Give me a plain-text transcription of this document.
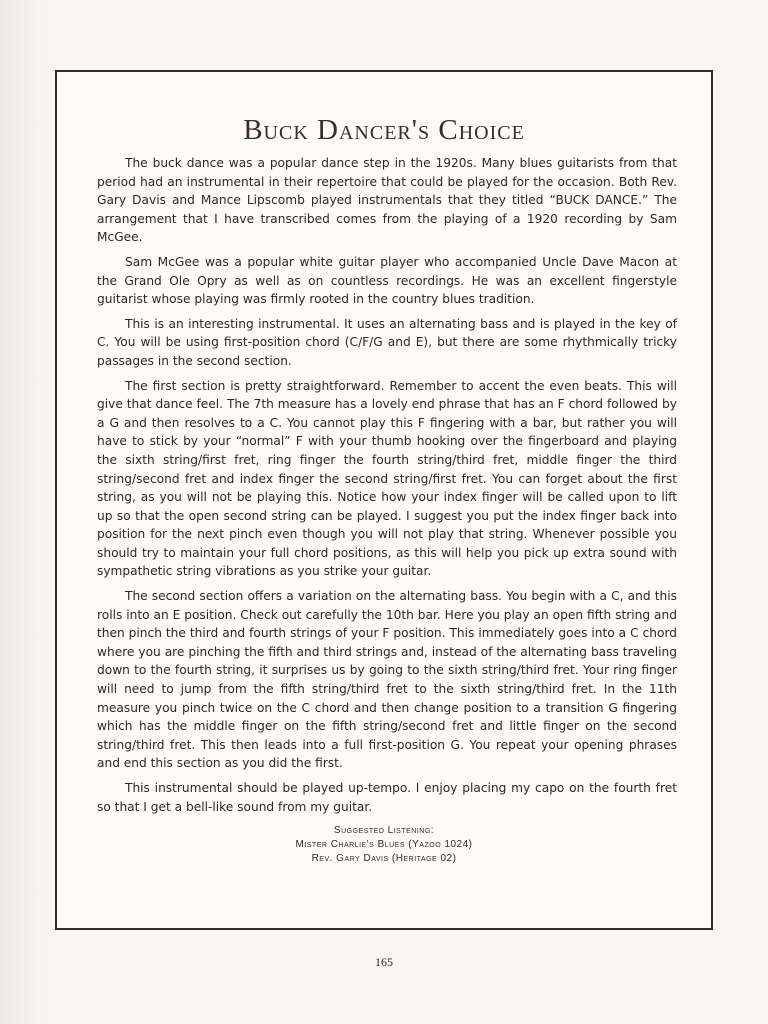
Buck Dancer's Choice

The buck dance was a popular dance step in the 1920s. Many blues guitarists from that period had an instrumental in their repertoire that could be played for the occasion. Both Rev. Gary Davis and Mance Lipscomb played instrumentals that they titled “BUCK DANCE.” The arrangement that I have transcribed comes from the playing of a 1920 recording by Sam McGee.

Sam McGee was a popular white guitar player who accompanied Uncle Dave Macon at the Grand Ole Opry as well as on countless recordings. He was an excellent fingerstyle guitarist whose playing was firmly rooted in the country blues tradition.

This is an interesting instrumental. It uses an alternating bass and is played in the key of C. You will be using first-position chord (C/F/G and E), but there are some rhythmically tricky passages in the second section.

The first section is pretty straightforward. Remember to accent the even beats. This will give that dance feel. The 7th measure has a lovely end phrase that has an F chord followed by a G and then resolves to a C. You cannot play this F fingering with a bar, but rather you will have to stick by your “normal” F with your thumb hooking over the fingerboard and playing the sixth string/first fret, ring finger the fourth string/third fret, middle finger the third string/second fret and index finger the second string/first fret. You can forget about the first string, as you will not be playing this. Notice how your index finger will be called upon to lift up so that the open second string can be played. I suggest you put the index finger back into position for the next pinch even though you will not play that string. Whenever possible you should try to maintain your full chord positions, as this will help you pick up extra sound with sympathetic string vibrations as you strike your guitar.

The second section offers a variation on the alternating bass. You begin with a C, and this rolls into an E position. Check out carefully the 10th bar. Here you play an open fifth string and then pinch the third and fourth strings of your F position. This immediately goes into a C chord where you are pinching the fifth and third strings and, instead of the alternating bass traveling down to the fourth string, it surprises us by going to the sixth string/third fret. Your ring finger will need to jump from the fifth string/third fret to the sixth string/third fret. In the 11th measure you pinch twice on the C chord and then change position to a transition G fingering which has the middle finger on the fifth string/second fret and little finger on the second string/third fret. This then leads into a full first-position G. You repeat your opening phrases and end this section as you did the first.

This instrumental should be played up-tempo. I enjoy placing my capo on the fourth fret so that I get a bell-like sound from my guitar.

Suggested Listening:
Mister Charlie's Blues (Yazoo 1024)
Rev. Gary Davis (Heritage 02)
165
